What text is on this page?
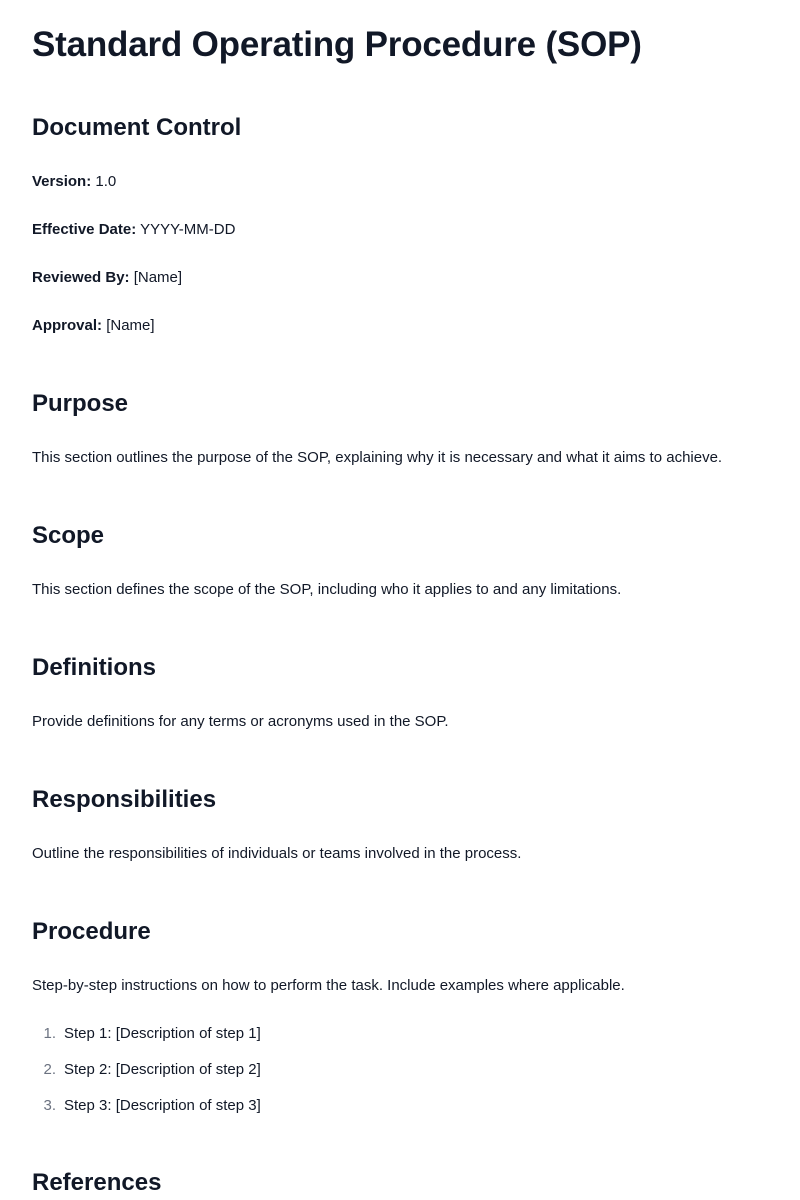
Standard Operating Procedure (SOP)
Document Control

Version: 1.0

Effective Date: YYYY-MM-DD

Reviewed By: [Name]

Approval: [Name]

Purpose

This section outlines the purpose of the SOP, explaining why it is necessary and what it aims to achieve.

Scope

This section defines the scope of the SOP, including who it applies to and any limitations.

Definitions

Provide definitions for any terms or acronyms used in the SOP.

Responsibilities

Outline the responsibilities of individuals or teams involved in the process.

Procedure

Step-by-step instructions on how to perform the task. Include examples where applicable.

1. Step 1: [Description of step 1]
2. Step 2: [Description of step 2]
3. Step 3: [Description of step 3]
References
